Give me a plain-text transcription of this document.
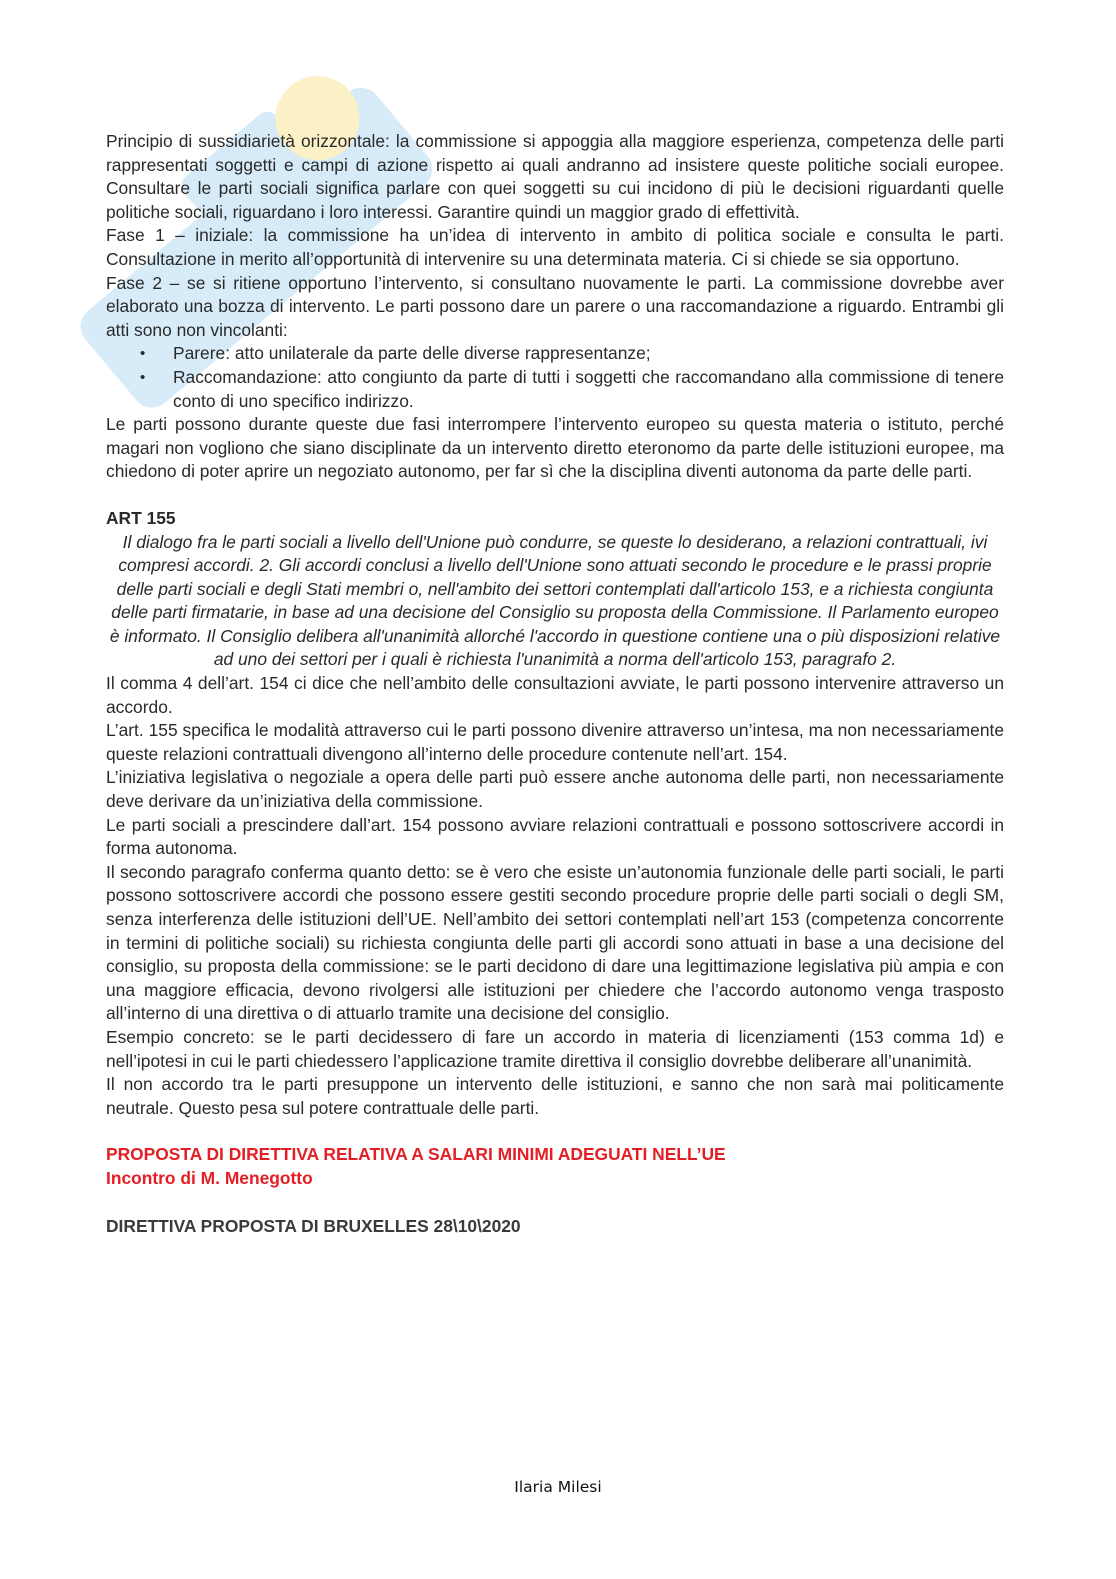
Principio di sussidiarietà orizzontale: la commissione si appoggia alla maggiore esperienza, competenza delle parti rappresentati soggetti e campi di azione rispetto ai quali andranno ad insistere queste politiche sociali europee. Consultare le parti sociali significa parlare con quei soggetti su cui incidono di più le decisioni riguardanti quelle politiche sociali, riguardano i loro interessi. Garantire quindi un maggior grado di effettività.

Fase 1 – iniziale: la commissione ha un’idea di intervento in ambito di politica sociale e consulta le parti. Consultazione in merito all’opportunità di intervenire su una determinata materia. Ci si chiede se sia opportuno.

Fase 2 – se si ritiene opportuno l’intervento, si consultano nuovamente le parti. La commissione dovrebbe aver elaborato una bozza di intervento. Le parti possono dare un parere o una raccomandazione a riguardo. Entrambi gli atti sono non vincolanti:

• Parere: atto unilaterale da parte delle diverse rappresentanze;
• Raccomandazione: atto congiunto da parte di tutti i soggetti che raccomandano alla commissione di tenere conto di uno specifico indirizzo.

Le parti possono durante queste due fasi interrompere l’intervento europeo su questa materia o istituto, perché magari non vogliono che siano disciplinate da un intervento diretto eteronomo da parte delle istituzioni europee, ma chiedono di poter aprire un negoziato autonomo, per far sì che la disciplina diventi autonoma da parte delle parti.

ART 155

Il dialogo fra le parti sociali a livello dell'Unione può condurre, se queste lo desiderano, a relazioni contrattuali, ivi compresi accordi. 2. Gli accordi conclusi a livello dell'Unione sono attuati secondo le procedure e le prassi proprie delle parti sociali e degli Stati membri o, nell'ambito dei settori contemplati dall'articolo 153, e a richiesta congiunta delle parti firmatarie, in base ad una decisione del Consiglio su proposta della Commissione. Il Parlamento europeo è informato. Il Consiglio delibera all'unanimità allorché l'accordo in questione contiene una o più disposizioni relative ad uno dei settori per i quali è richiesta l'unanimità a norma dell'articolo 153, paragrafo 2.

Il comma 4 dell’art. 154 ci dice che nell’ambito delle consultazioni avviate, le parti possono intervenire attraverso un accordo.

L’art. 155 specifica le modalità attraverso cui le parti possono divenire attraverso un’intesa, ma non necessariamente queste relazioni contrattuali divengono all’interno delle procedure contenute nell’art. 154.

L’iniziativa legislativa o negoziale a opera delle parti può essere anche autonoma delle parti, non necessariamente deve derivare da un’iniziativa della commissione.

Le parti sociali a prescindere dall’art. 154 possono avviare relazioni contrattuali e possono sottoscrivere accordi in forma autonoma.

Il secondo paragrafo conferma quanto detto: se è vero che esiste un’autonomia funzionale delle parti sociali, le parti possono sottoscrivere accordi che possono essere gestiti secondo procedure proprie delle parti sociali o degli SM, senza interferenza delle istituzioni dell’UE. Nell’ambito dei settori contemplati nell’art 153 (competenza concorrente in termini di politiche sociali) su richiesta congiunta delle parti gli accordi sono attuati in base a una decisione del consiglio, su proposta della commissione: se le parti decidono di dare una legittimazione legislativa più ampia e con una maggiore efficacia, devono rivolgersi alle istituzioni per chiedere che l’accordo autonomo venga trasposto all’interno di una direttiva o di attuarlo tramite una decisione del consiglio.

Esempio concreto: se le parti decidessero di fare un accordo in materia di licenziamenti (153 comma 1d) e nell’ipotesi in cui le parti chiedessero l’applicazione tramite direttiva il consiglio dovrebbe deliberare all’unanimità.

Il non accordo tra le parti presuppone un intervento delle istituzioni, e sanno che non sarà mai politicamente neutrale. Questo pesa sul potere contrattuale delle parti.

PROPOSTA DI DIRETTIVA RELATIVA A SALARI MINIMI ADEGUATI NELL’UE

Incontro di M. Menegotto

DIRETTIVA PROPOSTA DI BRUXELLES 28\10\2020

Ilaria Milesi
